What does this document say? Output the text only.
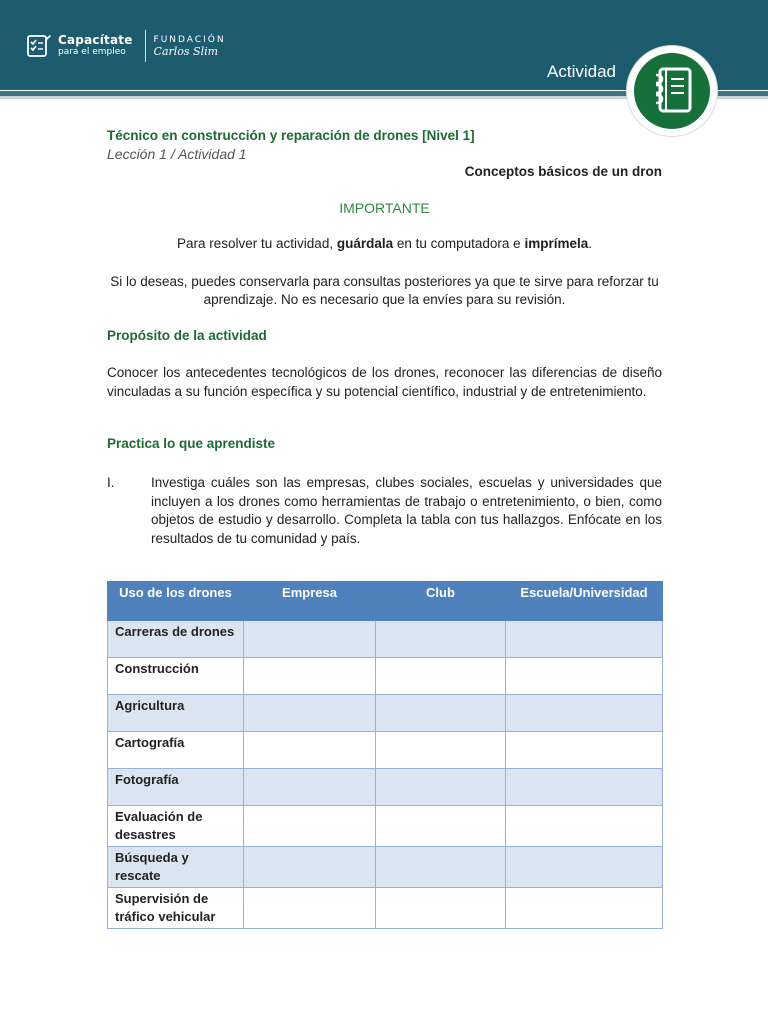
Capacítate
para el empleo
FUNDACIÓN
Carlos Slim
Actividad
Técnico en construcción y reparación de drones [Nivel 1]
Lección 1 / Actividad 1
Conceptos básicos de un dron
IMPORTANTE
Para resolver tu actividad, guárdala en tu computadora e imprímela.
Si lo deseas, puedes conservarla para consultas posteriores ya que te sirve para reforzar tu aprendizaje. No es necesario que la envíes para su revisión.
Propósito de la actividad
Conocer los antecedentes tecnológicos de los drones, reconocer las diferencias de diseño vinculadas a su función específica y su potencial científico, industrial y de entretenimiento.
Practica lo que aprendiste
I.	Investiga cuáles son las empresas, clubes sociales, escuelas y universidades que incluyen a los drones como herramientas de trabajo o entretenimiento, o bien, como objetos de estudio y desarrollo. Completa la tabla con tus hallazgos. Enfócate en los resultados de tu comunidad y país.
Uso de los drones	Empresa	Club	Escuela/Universidad
Carreras de drones			
Construcción			
Agricultura			
Cartografía			
Fotografía			
Evaluación de desastres			
Búsqueda y rescate			
Supervisión de tráfico vehicular			
